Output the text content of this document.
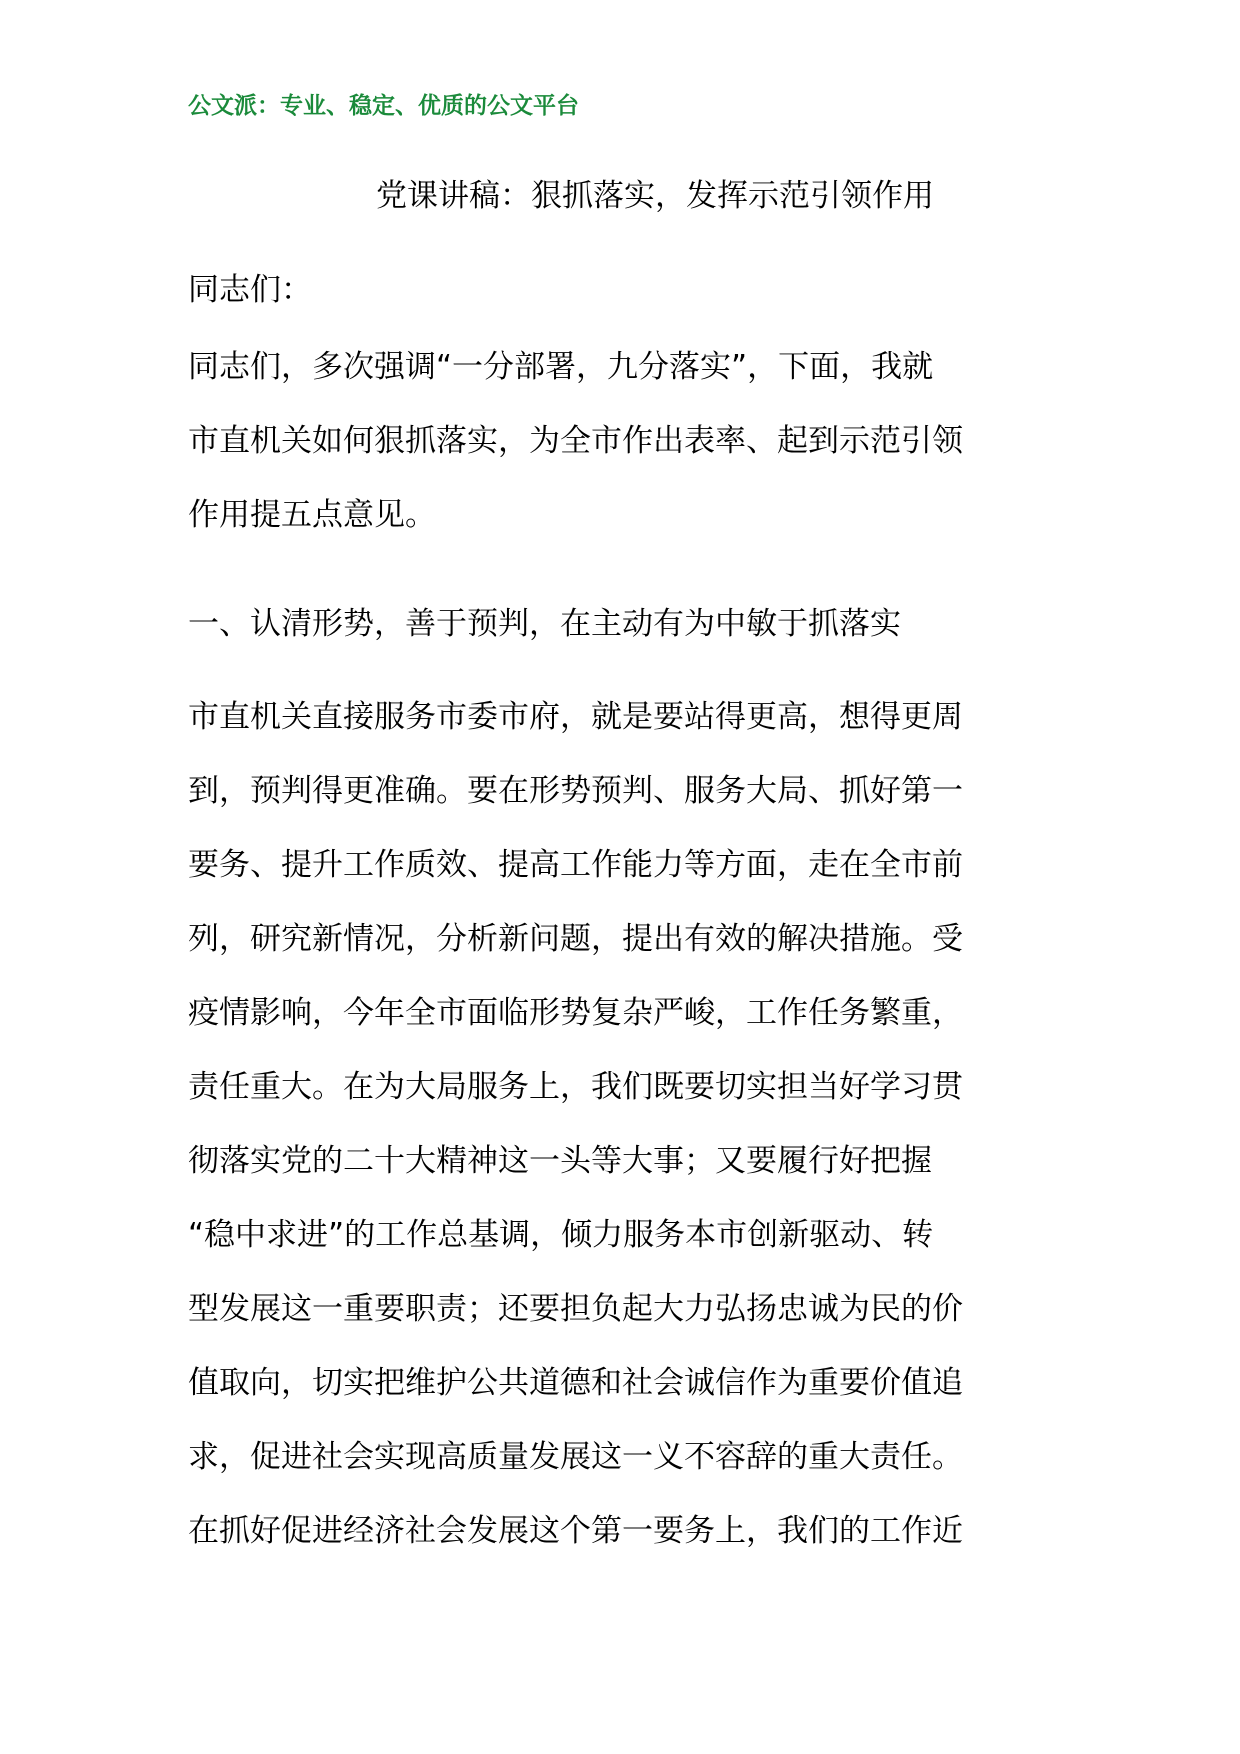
公文派：专业、稳定、优质的公文平台
党课讲稿：狠抓落实，发挥示范引领作用
同志们：
同志们，多次强调“一分部署，九分落实”，下面，我就
市直机关如何狠抓落实，为全市作出表率、起到示范引领
作用提五点意见。
一、认清形势，善于预判，在主动有为中敏于抓落实
市直机关直接服务市委市府，就是要站得更高，想得更周
到，预判得更准确。要在形势预判、服务大局、抓好第一
要务、提升工作质效、提高工作能力等方面，走在全市前
列，研究新情况，分析新问题，提出有效的解决措施。受
疫情影响，今年全市面临形势复杂严峻，工作任务繁重，
责任重大。在为大局服务上，我们既要切实担当好学习贯
彻落实党的二十大精神这一头等大事；又要履行好把握
“稳中求进”的工作总基调，倾力服务本市创新驱动、转
型发展这一重要职责；还要担负起大力弘扬忠诚为民的价
值取向，切实把维护公共道德和社会诚信作为重要价值追
求，促进社会实现高质量发展这一义不容辞的重大责任。
在抓好促进经济社会发展这个第一要务上，我们的工作近
